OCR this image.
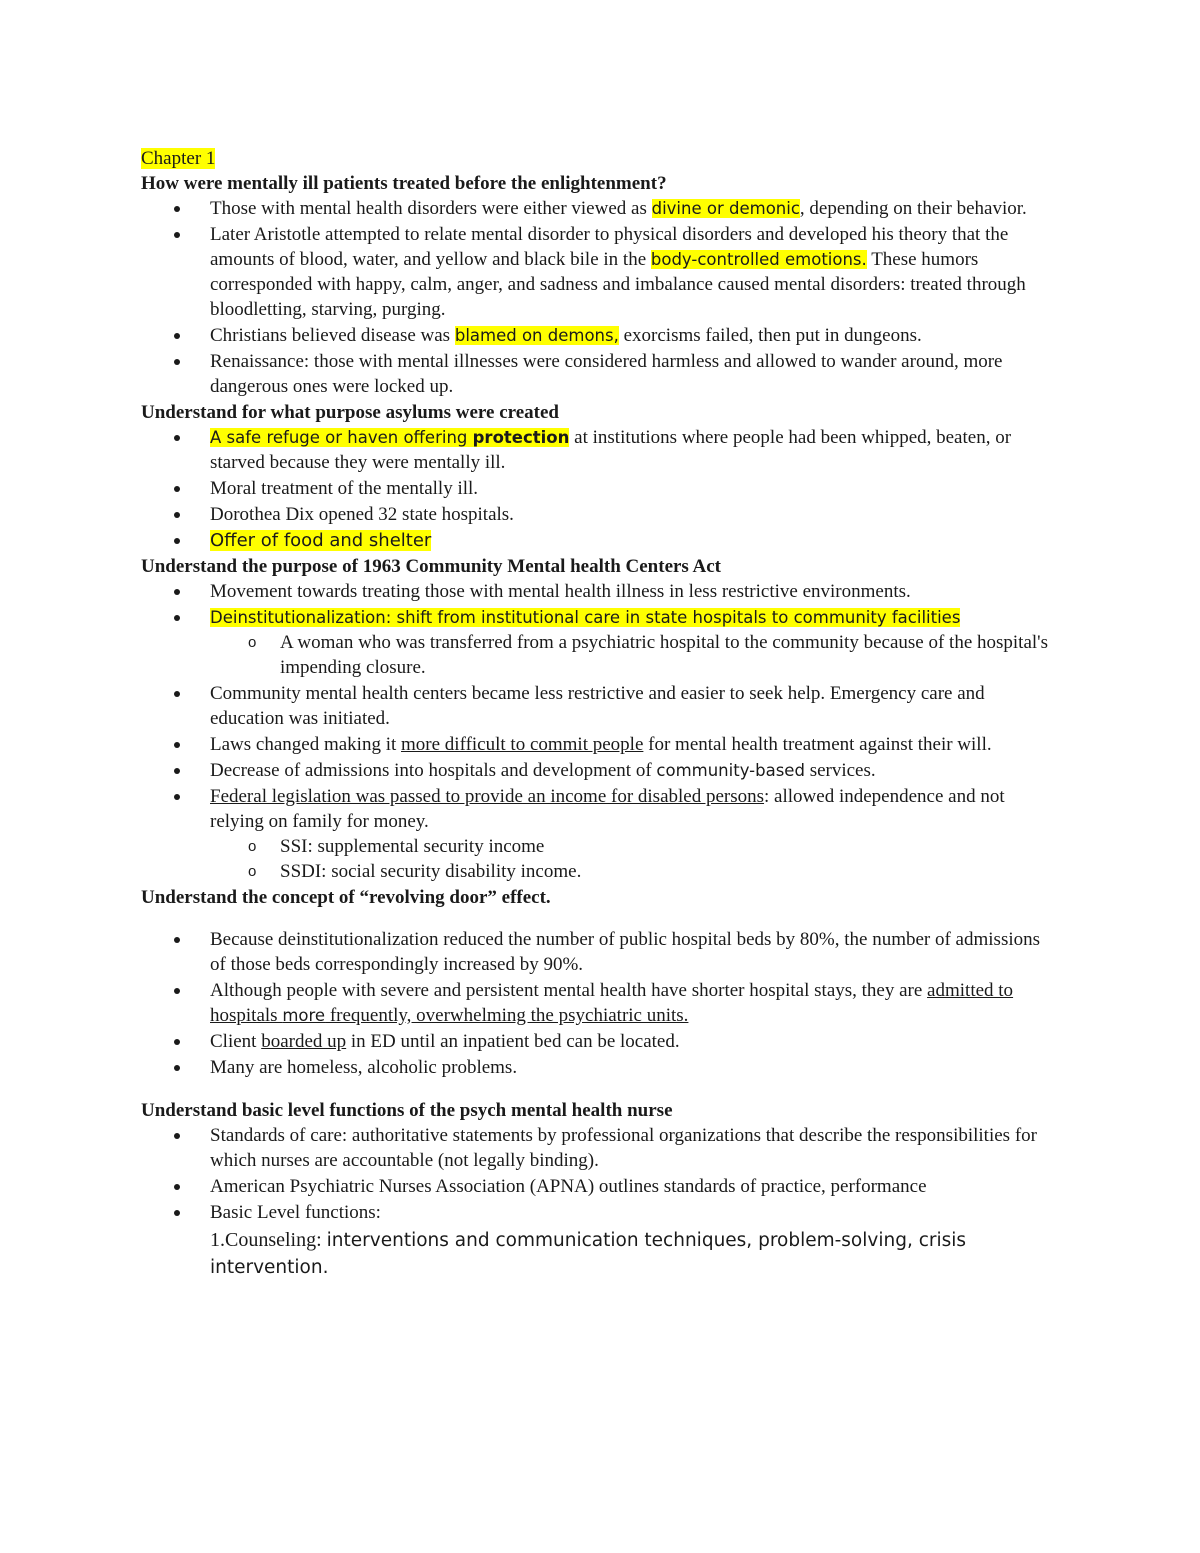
Chapter 1

How were mentally ill patients treated before the enlightenment?
Those with mental health disorders were either viewed as divine or demonic, depending on their behavior.
Later Aristotle attempted to relate mental disorder to physical disorders and developed his theory that the amounts of blood, water, and yellow and black bile in the body-controlled emotions. These humors corresponded with happy, calm, anger, and sadness and imbalance caused mental disorders: treated through bloodletting, starving, purging.
Christians believed disease was blamed on demons, exorcisms failed, then put in dungeons.
Renaissance: those with mental illnesses were considered harmless and allowed to wander around, more dangerous ones were locked up.
Understand for what purpose asylums were created
A safe refuge or haven offering protection at institutions where people had been whipped, beaten, or starved because they were mentally ill.
Moral treatment of the mentally ill.
Dorothea Dix opened 32 state hospitals.
Offer of food and shelter
Understand the purpose of 1963 Community Mental health Centers Act
Movement towards treating those with mental health illness in less restrictive environments.
Deinstitutionalization: shift from institutional care in state hospitals to community facilities
o A woman who was transferred from a psychiatric hospital to the community because of the hospital's impending closure.
Community mental health centers became less restrictive and easier to seek help. Emergency care and education was initiated.
Laws changed making it more difficult to commit people for mental health treatment against their will.
Decrease of admissions into hospitals and development of community-based services.
Federal legislation was passed to provide an income for disabled persons: allowed independence and not relying on family for money.
o SSI: supplemental security income
o SSDI: social security disability income.
Understand the concept of “revolving door” effect.
Because deinstitutionalization reduced the number of public hospital beds by 80%, the number of admissions of those beds correspondingly increased by 90%.
Although people with severe and persistent mental health have shorter hospital stays, they are admitted to hospitals more frequently, overwhelming the psychiatric units.
Client boarded up in ED until an inpatient bed can be located.
Many are homeless, alcoholic problems.
Understand basic level functions of the psych mental health nurse
Standards of care: authoritative statements by professional organizations that describe the responsibilities for which nurses are accountable (not legally binding).
American Psychiatric Nurses Association (APNA) outlines standards of practice, performance
Basic Level functions:

1.Counseling: interventions and communication techniques, problem-solving, crisis intervention.
